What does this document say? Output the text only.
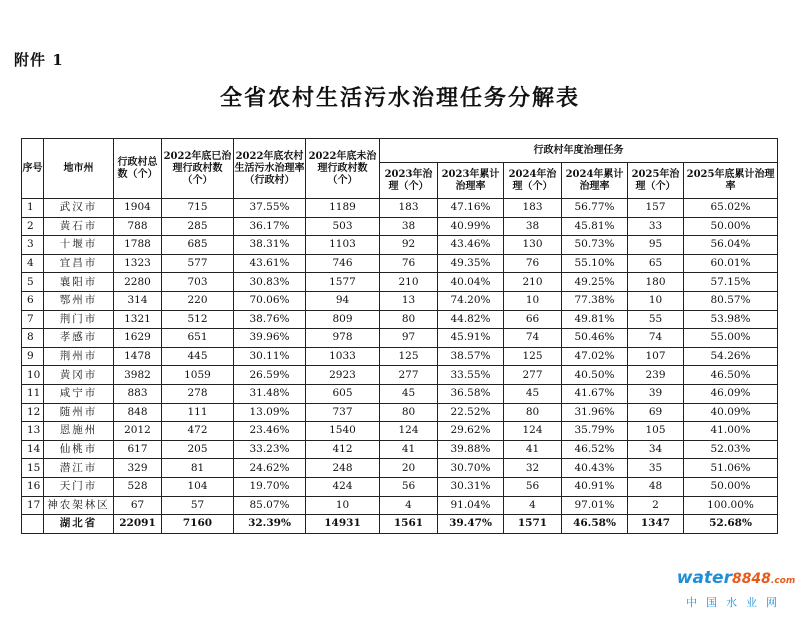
附件 1
全省农村生活污水治理任务分解表
序号	地市州	行政村总数（个）	2022年底已治理行政村数（个）	2022年底农村生活污水治理率（行政村）	2022年底未治理行政村数（个）	行政村年度治理任务					
						2023年治理（个）	2023年累计治理率	2024年治理（个）	2024年累计治理率	2025年治理（个）	2025年底累计治理率
1	武汉市	1904	715	37.55%	1189	183	47.16%	183	56.77%	157	65.02%
2	黄石市	788	285	36.17%	503	38	40.99%	38	45.81%	33	50.00%
3	十堰市	1788	685	38.31%	1103	92	43.46%	130	50.73%	95	56.04%
4	宜昌市	1323	577	43.61%	746	76	49.35%	76	55.10%	65	60.01%
5	襄阳市	2280	703	30.83%	1577	210	40.04%	210	49.25%	180	57.15%
6	鄂州市	314	220	70.06%	94	13	74.20%	10	77.38%	10	80.57%
7	荆门市	1321	512	38.76%	809	80	44.82%	66	49.81%	55	53.98%
8	孝感市	1629	651	39.96%	978	97	45.91%	74	50.46%	74	55.00%
9	荆州市	1478	445	30.11%	1033	125	38.57%	125	47.02%	107	54.26%
10	黄冈市	3982	1059	26.59%	2923	277	33.55%	277	40.50%	239	46.50%
11	咸宁市	883	278	31.48%	605	45	36.58%	45	41.67%	39	46.09%
12	随州市	848	111	13.09%	737	80	22.52%	80	31.96%	69	40.09%
13	恩施州	2012	472	23.46%	1540	124	29.62%	124	35.79%	105	41.00%
14	仙桃市	617	205	33.23%	412	41	39.88%	41	46.52%	34	52.03%
15	潜江市	329	81	24.62%	248	20	30.70%	32	40.43%	35	51.06%
16	天门市	528	104	19.70%	424	56	30.31%	56	40.91%	48	50.00%
17	神农架林区	67	57	85.07%	10	4	91.04%	4	97.01%	2	100.00%
	湖北省	22091	7160	32.39%	14931	1561	39.47%	1571	46.58%	1347	52.68%
water8848.com
中国水业网
